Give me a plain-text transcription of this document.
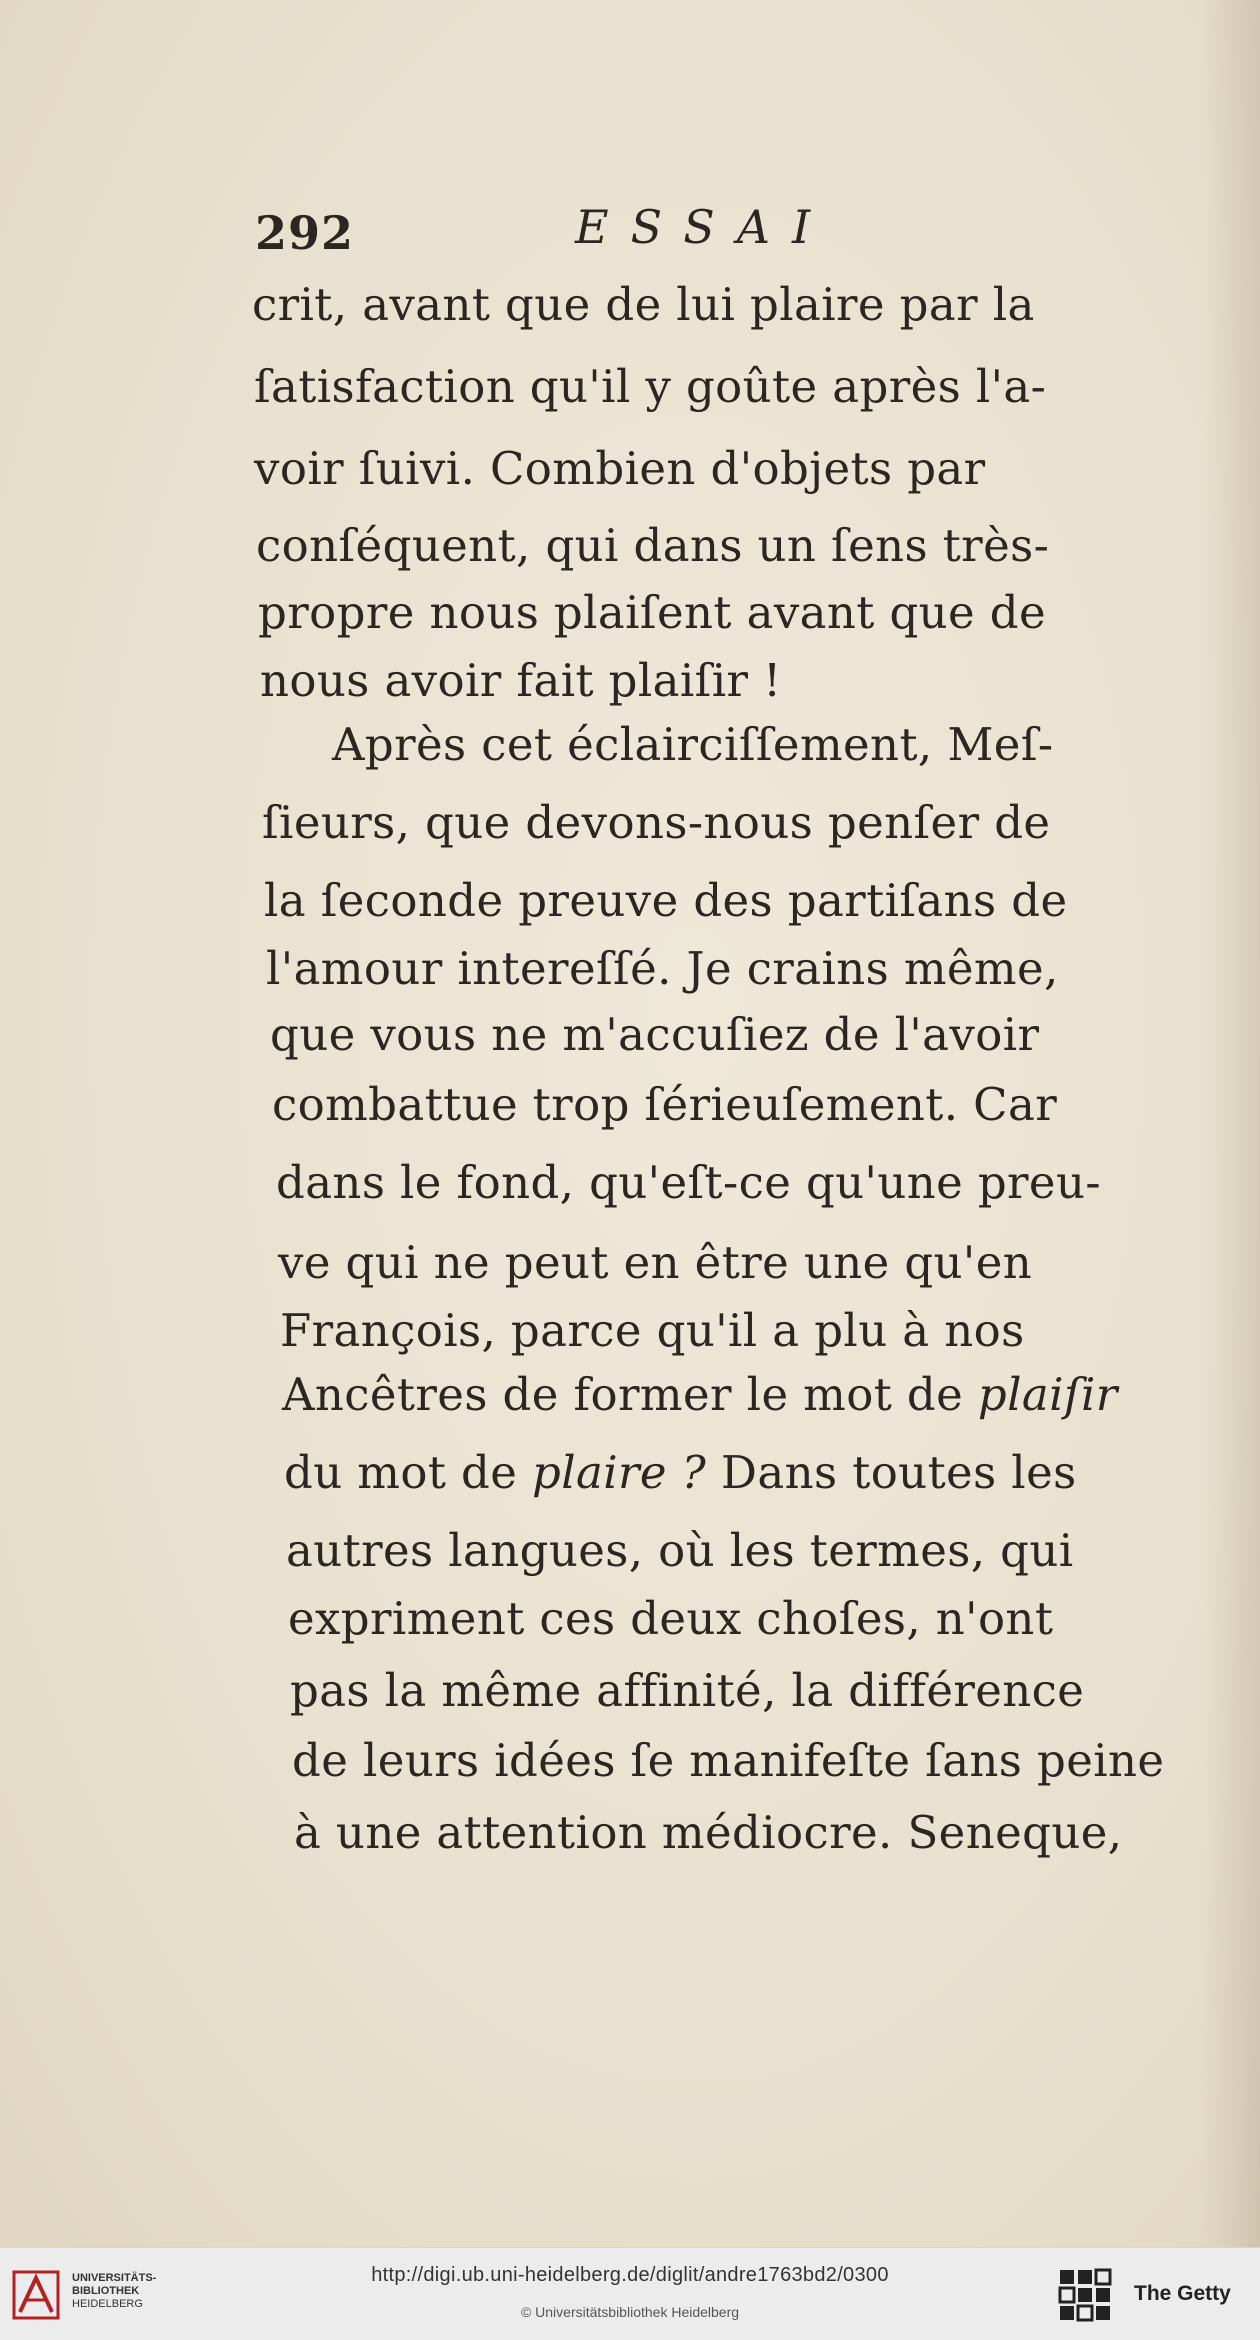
292	ESSAI
crit, avant que de lui plaire par la
ſatisfaction qu'il y goûte après l'a-
voir ſuivi. Combien d'objets par
conſéquent, qui dans un ſens très-
propre nous plaiſent avant que de
nous avoir fait plaiſir !
Après cet éclairciſſement, Meſ-
ſieurs, que devons-nous penſer de
la ſeconde preuve des partiſans de
l'amour intereſſé. Je crains même,
que vous ne m'accuſiez de l'avoir
combattue trop ſérieuſement. Car
dans le fond, qu'eſt-ce qu'une preu-
ve qui ne peut en être une qu'en
François, parce qu'il a plu à nos
Ancêtres de former le mot de plaiſir
du mot de plaire ? Dans toutes les
autres langues, où les termes, qui
expriment ces deux choſes, n'ont
pas la même affinité, la différence
de leurs idées ſe manifeſte ſans peine
à une attention médiocre. Seneque,
UNIVERSITÄTS-
BIBLIOTHEK
HEIDELBERG
http://digi.ub.uni-heidelberg.de/diglit/andre1763bd2/0300
© Universitätsbibliothek Heidelberg
The Getty
